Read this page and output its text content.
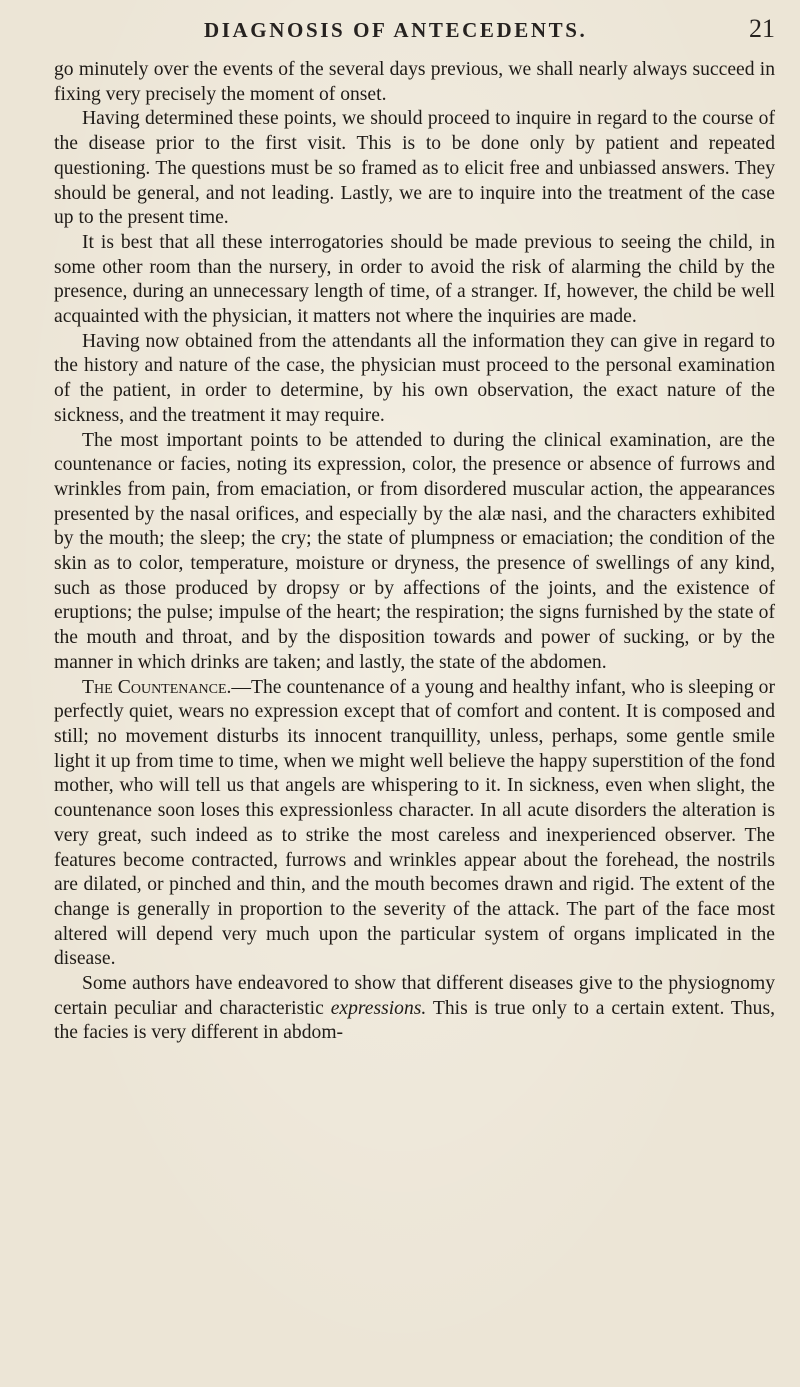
DIAGNOSIS OF ANTECEDENTS.	21

go minutely over the events of the several days previous, we shall nearly always succeed in fixing very precisely the moment of onset.

Having determined these points, we should proceed to inquire in regard to the course of the disease prior to the first visit. This is to be done only by patient and repeated questioning. The questions must be so framed as to elicit free and unbiassed answers. They should be general, and not leading. Lastly, we are to inquire into the treatment of the case up to the present time.

It is best that all these interrogatories should be made previous to seeing the child, in some other room than the nursery, in order to avoid the risk of alarming the child by the presence, during an unnecessary length of time, of a stranger. If, however, the child be well acquainted with the physician, it matters not where the inquiries are made.

Having now obtained from the attendants all the information they can give in regard to the history and nature of the case, the physician must proceed to the personal examination of the patient, in order to determine, by his own observation, the exact nature of the sickness, and the treatment it may require.

The most important points to be attended to during the clinical examination, are the countenance or facies, noting its expression, color, the presence or absence of furrows and wrinkles from pain, from emaciation, or from disordered muscular action, the appearances presented by the nasal orifices, and especially by the alæ nasi, and the characters exhibited by the mouth; the sleep; the cry; the state of plumpness or emaciation; the condition of the skin as to color, temperature, moisture or dryness, the presence of swellings of any kind, such as those produced by dropsy or by affections of the joints, and the existence of eruptions; the pulse; impulse of the heart; the respiration; the signs furnished by the state of the mouth and throat, and by the disposition towards and power of sucking, or by the manner in which drinks are taken; and lastly, the state of the abdomen.

The Countenance.—The countenance of a young and healthy infant, who is sleeping or perfectly quiet, wears no expression except that of comfort and content. It is composed and still; no movement disturbs its innocent tranquillity, unless, perhaps, some gentle smile light it up from time to time, when we might well believe the happy superstition of the fond mother, who will tell us that angels are whispering to it. In sickness, even when slight, the countenance soon loses this expressionless character. In all acute disorders the alteration is very great, such indeed as to strike the most careless and inexperienced observer. The features become contracted, furrows and wrinkles appear about the forehead, the nostrils are dilated, or pinched and thin, and the mouth becomes drawn and rigid. The extent of the change is generally in proportion to the severity of the attack. The part of the face most altered will depend very much upon the particular system of organs implicated in the disease.

Some authors have endeavored to show that different diseases give to the physiognomy certain peculiar and characteristic expressions. This is true only to a certain extent. Thus, the facies is very different in abdom-
